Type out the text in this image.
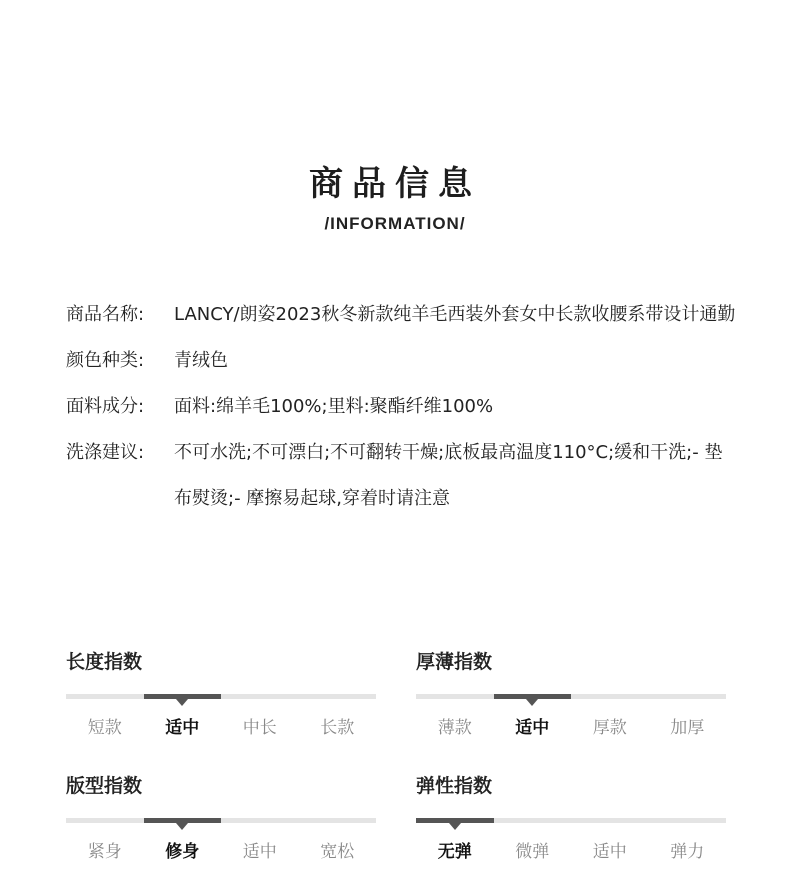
商品信息
/INFORMATION/
商品名称:	LANCY/朗姿2023秋冬新款纯羊毛西装外套女中长款收腰系带设计通勤
颜色种类:	青绒色
面料成分:	面料:绵羊毛100%;里料:聚酯纤维100%
洗涤建议:	不可水洗;不可漂白;不可翻转干燥;底板最高温度110°C;缓和干洗;- 垫布熨烫;- 摩擦易起球,穿着时请注意
长度指数
短款	适中	中长	长款
厚薄指数
薄款	适中	厚款	加厚
版型指数
紧身	修身	适中	宽松
弹性指数
无弹	微弹	适中	弹力
